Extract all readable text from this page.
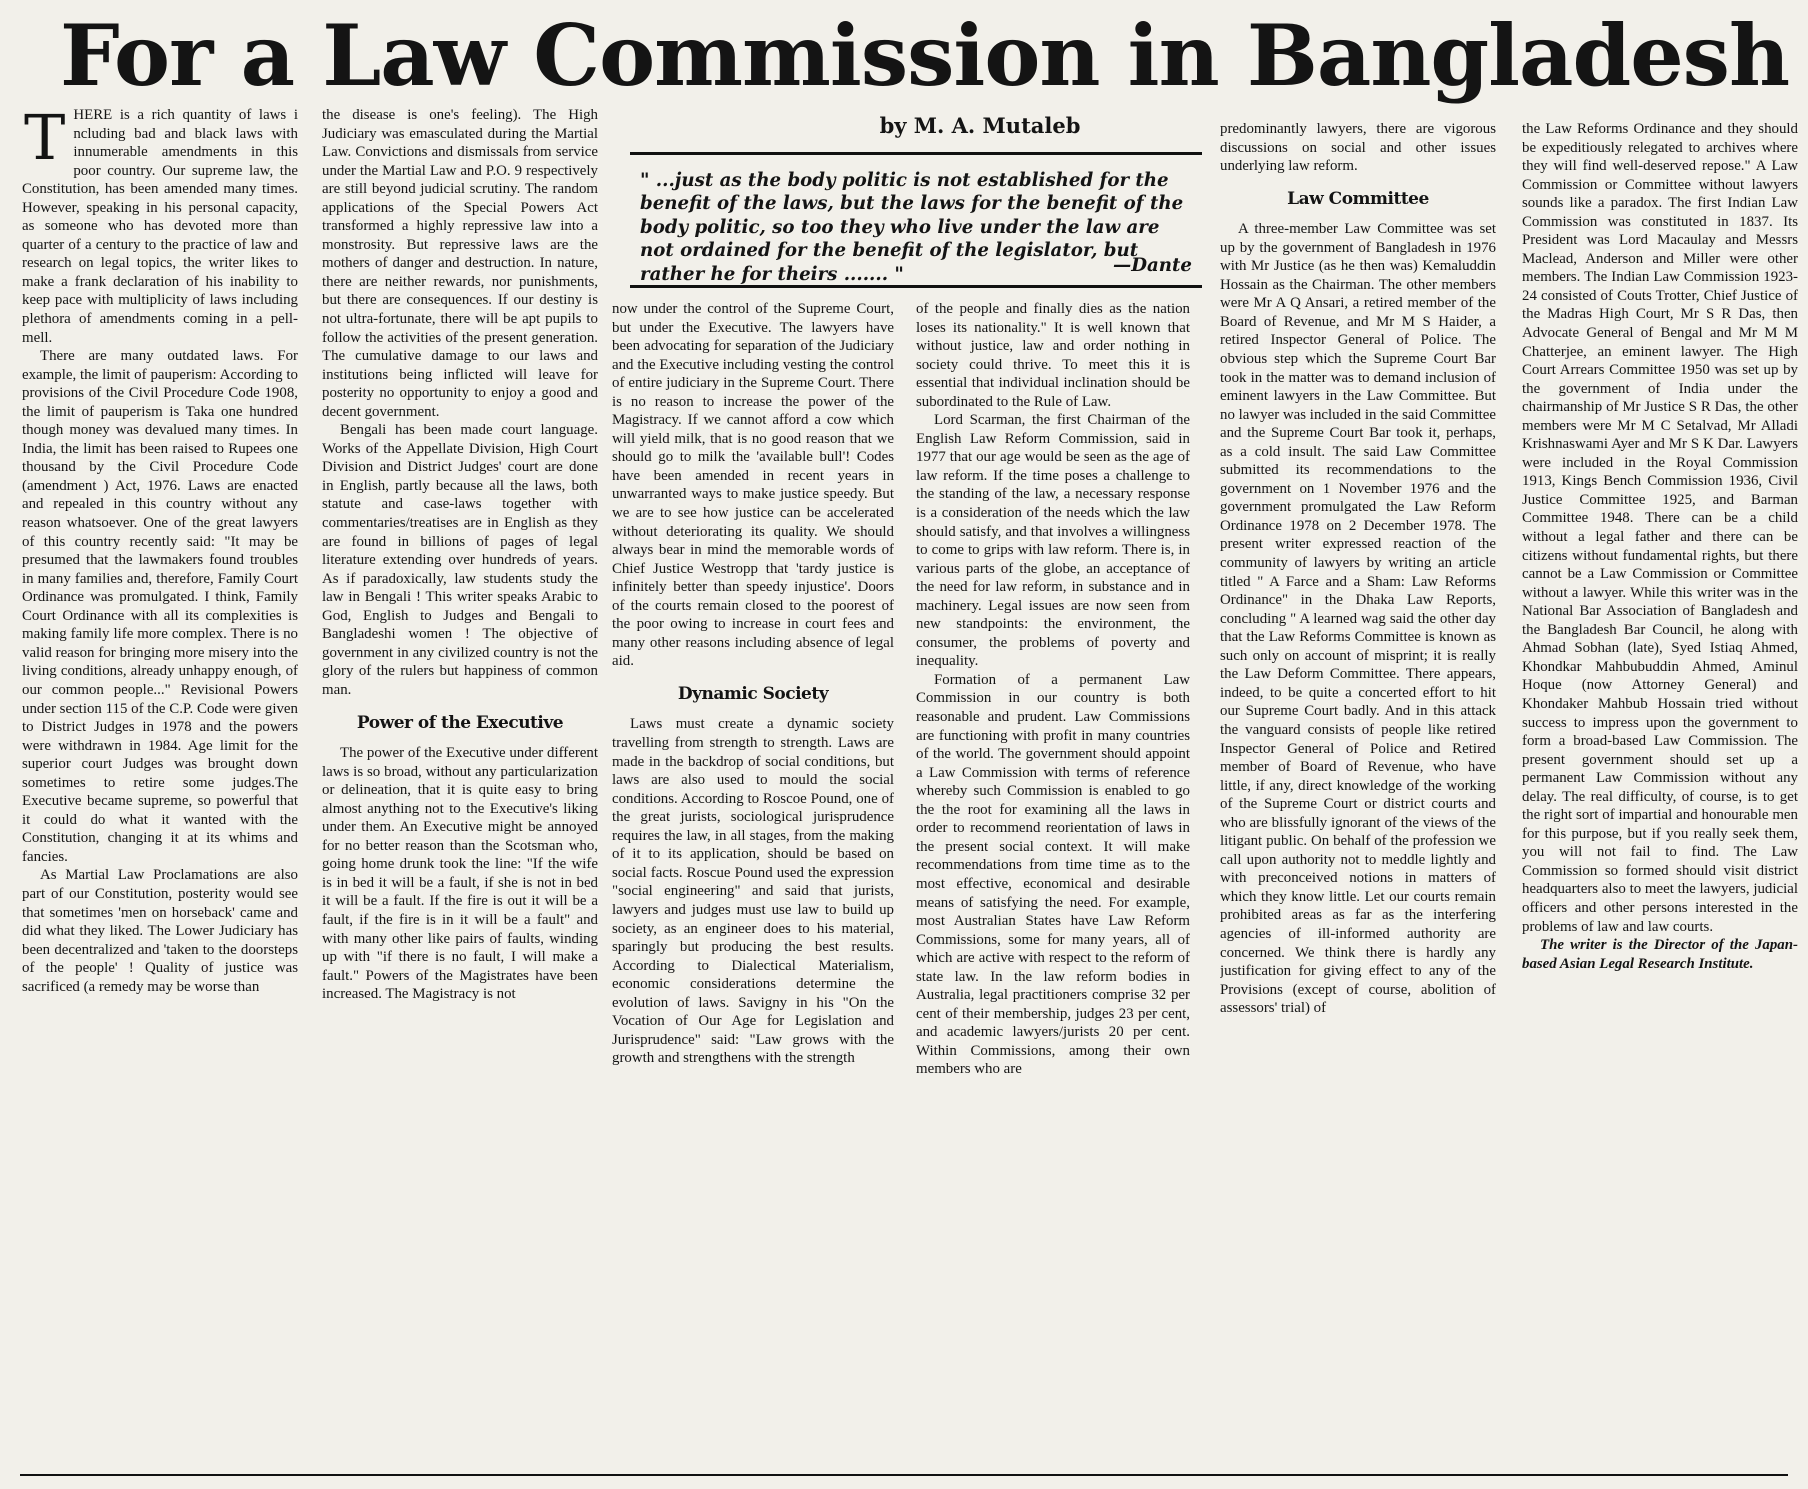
For a Law Commission in Bangladesh
by M. A. Mutaleb
" ...just as the body politic is not established for the benefit of the laws, but the laws for the benefit of the body politic, so too they who live under the law are not ordained for the benefit of the legislator, but rather he for theirs ....... "	—Dante

THERE is a rich quantity of laws i ncluding bad and black laws with innumerable amendments in this poor country. Our supreme law, the Constitution, has been amended many times. However, speaking in his personal capacity, as someone who has devoted more than quarter of a century to the practice of law and research on legal topics, the writer likes to make a frank declaration of his inability to keep pace with multiplicity of laws including plethora of amendments coming in a pell-mell.

There are many outdated laws. For example, the limit of pauperism: According to provisions of the Civil Procedure Code 1908, the limit of pauperism is Taka one hundred though money was devalued many times. In India, the limit has been raised to Rupees one thousand by the Civil Procedure Code (amendment ) Act, 1976. Laws are enacted and repealed in this country without any reason whatsoever. One of the great lawyers of this country recently said: "It may be presumed that the lawmakers found troubles in many families and, therefore, Family Court Ordinance was promulgated. I think, Family Court Ordinance with all its complexities is making family life more complex. There is no valid reason for bringing more misery into the living conditions, already unhappy enough, of our common people..." Revisional Powers under section 115 of the C.P. Code were given to District Judges in 1978 and the powers were withdrawn in 1984. Age limit for the superior court Judges was brought down sometimes to retire some judges.The Executive became supreme, so powerful that it could do what it wanted with the Constitution, changing it at its whims and fancies.

As Martial Law Proclamations are also part of our Constitution, posterity would see that sometimes 'men on horseback' came and did what they liked. The Lower Judiciary has been decentralized and 'taken to the doorsteps of the people' ! Quality of justice was sacrificed (a remedy may be worse than

the disease is one's feeling). The High Judiciary was emasculated during the Martial Law. Convictions and dismissals from service under the Martial Law and P.O. 9 respectively are still beyond judicial scrutiny. The random applications of the Special Powers Act transformed a highly repressive law into a monstrosity. But repressive laws are the mothers of danger and destruction. In nature, there are neither rewards, nor punishments, but there are consequences. If our destiny is not ultra-fortunate, there will be apt pupils to follow the activities of the present generation. The cumulative damage to our laws and institutions being inflicted will leave for posterity no opportunity to enjoy a good and decent government.

Bengali has been made court language. Works of the Appellate Division, High Court Division and District Judges' court are done in English, partly because all the laws, both statute and case-laws together with commentaries/treatises are in English as they are found in billions of pages of legal literature extending over hundreds of years. As if paradoxically, law students study the law in Bengali ! This writer speaks Arabic to God, English to Judges and Bengali to Bangladeshi women ! The objective of government in any civilized country is not the glory of the rulers but happiness of common man.

Power of the Executive

The power of the Executive under different laws is so broad, without any particularization or delineation, that it is quite easy to bring almost anything not to the Executive's liking under them. An Executive might be annoyed for no better reason than the Scotsman who, going home drunk took the line: "If the wife is in bed it will be a fault, if she is not in bed it will be a fault. If the fire is out it will be a fault, if the fire is in it will be a fault" and with many other like pairs of faults, winding up with "if there is no fault, I will make a fault." Powers of the Magistrates have been increased. The Magistracy is not

now under the control of the Supreme Court, but under the Executive. The lawyers have been advocating for separation of the Judiciary and the Executive including vesting the control of entire judiciary in the Supreme Court. There is no reason to increase the power of the Magistracy. If we cannot afford a cow which will yield milk, that is no good reason that we should go to milk the 'available bull'! Codes have been amended in recent years in unwarranted ways to make justice speedy. But we are to see how justice can be accelerated without deteriorating its quality. We should always bear in mind the memorable words of Chief Justice Westropp that 'tardy justice is infinitely better than speedy injustice'. Doors of the courts remain closed to the poorest of the poor owing to increase in court fees and many other reasons including absence of legal aid.

Dynamic Society

Laws must create a dynamic society travelling from strength to strength. Laws are made in the backdrop of social conditions, but laws are also used to mould the social conditions. According to Roscoe Pound, one of the great jurists, sociological jurisprudence requires the law, in all stages, from the making of it to its application, should be based on social facts. Roscue Pound used the expression "social engineering" and said that jurists, lawyers and judges must use law to build up society, as an engineer does to his material, sparingly but producing the best results. According to Dialectical Materialism, economic considerations determine the evolution of laws. Savigny in his "On the Vocation of Our Age for Legislation and Jurisprudence" said: "Law grows with the growth and strengthens with the strength

of the people and finally dies as the nation loses its nationality." It is well known that without justice, law and order nothing in society could thrive. To meet this it is essential that individual inclination should be subordinated to the Rule of Law.

Lord Scarman, the first Chairman of the English Law Reform Commission, said in 1977 that our age would be seen as the age of law reform. If the time poses a challenge to the standing of the law, a necessary response is a consideration of the needs which the law should satisfy, and that involves a willingness to come to grips with law reform. There is, in various parts of the globe, an acceptance of the need for law reform, in substance and in machinery. Legal issues are now seen from new standpoints: the environment, the consumer, the problems of poverty and inequality.

Formation of a permanent Law Commission in our country is both reasonable and prudent. Law Commissions are functioning with profit in many countries of the world. The government should appoint a Law Commission with terms of reference whereby such Commission is enabled to go the the root for examining all the laws in order to recommend reorientation of laws in the present social context. It will make recommendations from time time as to the most effective, economical and desirable means of satisfying the need. For example, most Australian States have Law Reform Commissions, some for many years, all of which are active with respect to the reform of state law. In the law reform bodies in Australia, legal practitioners comprise 32 per cent of their membership, judges 23 per cent, and academic lawyers/jurists 20 per cent. Within Commissions, among their own members who are

predominantly lawyers, there are vigorous discussions on social and other issues underlying law reform.

Law Committee

A three-member Law Committee was set up by the government of Bangladesh in 1976 with Mr Justice (as he then was) Kemaluddin Hossain as the Chairman. The other members were Mr A Q Ansari, a retired member of the Board of Revenue, and Mr M S Haider, a retired Inspector General of Police. The obvious step which the Supreme Court Bar took in the matter was to demand inclusion of eminent lawyers in the Law Committee. But no lawyer was included in the said Committee and the Supreme Court Bar took it, perhaps, as a cold insult. The said Law Committee submitted its recommendations to the government on 1 November 1976 and the government promulgated the Law Reform Ordinance 1978 on 2 December 1978. The present writer expressed reaction of the community of lawyers by writing an article titled " A Farce and a Sham: Law Reforms Ordinance" in the Dhaka Law Reports, concluding " A learned wag said the other day that the Law Reforms Committee is known as such only on account of misprint; it is really the Law Deform Committee. There appears, indeed, to be quite a concerted effort to hit our Supreme Court badly. And in this attack the vanguard consists of people like retired Inspector General of Police and Retired member of Board of Revenue, who have little, if any, direct knowledge of the working of the Supreme Court or district courts and who are blissfully ignorant of the views of the litigant public. On behalf of the profession we call upon authority not to meddle lightly and with preconceived notions in matters of which they know little. Let our courts remain prohibited areas as far as the interfering agencies of ill-informed authority are concerned. We think there is hardly any justification for giving effect to any of the Provisions (except of course, abolition of assessors' trial) of

the Law Reforms Ordinance and they should be expeditiously relegated to archives where they will find well-deserved repose." A Law Commission or Committee without lawyers sounds like a paradox. The first Indian Law Commission was constituted in 1837. Its President was Lord Macaulay and Messrs Maclead, Anderson and Miller were other members. The Indian Law Commission 1923-24 consisted of Couts Trotter, Chief Justice of the Madras High Court, Mr S R Das, then Advocate General of Bengal and Mr M M Chatterjee, an eminent lawyer. The High Court Arrears Committee 1950 was set up by the government of India under the chairmanship of Mr Justice S R Das, the other members were Mr M C Setalvad, Mr Alladi Krishnaswami Ayer and Mr S K Dar. Lawyers were included in the Royal Commission 1913, Kings Bench Commission 1936, Civil Justice Committee 1925, and Barman Committee 1948. There can be a child without a legal father and there can be citizens without fundamental rights, but there cannot be a Law Commission or Committee without a lawyer. While this writer was in the National Bar Association of Bangladesh and the Bangladesh Bar Council, he along with Ahmad Sobhan (late), Syed Istiaq Ahmed, Khondkar Mahbubuddin Ahmed, Aminul Hoque (now Attorney General) and Khondaker Mahbub Hossain tried without success to impress upon the government to form a broad-based Law Commission. The present government should set up a permanent Law Commission without any delay. The real difficulty, of course, is to get the right sort of impartial and honourable men for this purpose, but if you really seek them, you will not fail to find. The Law Commission so formed should visit district headquarters also to meet the lawyers, judicial officers and other persons interested in the problems of law and law courts.

The writer is the Director of the Japan-based Asian Legal Research Institute.
